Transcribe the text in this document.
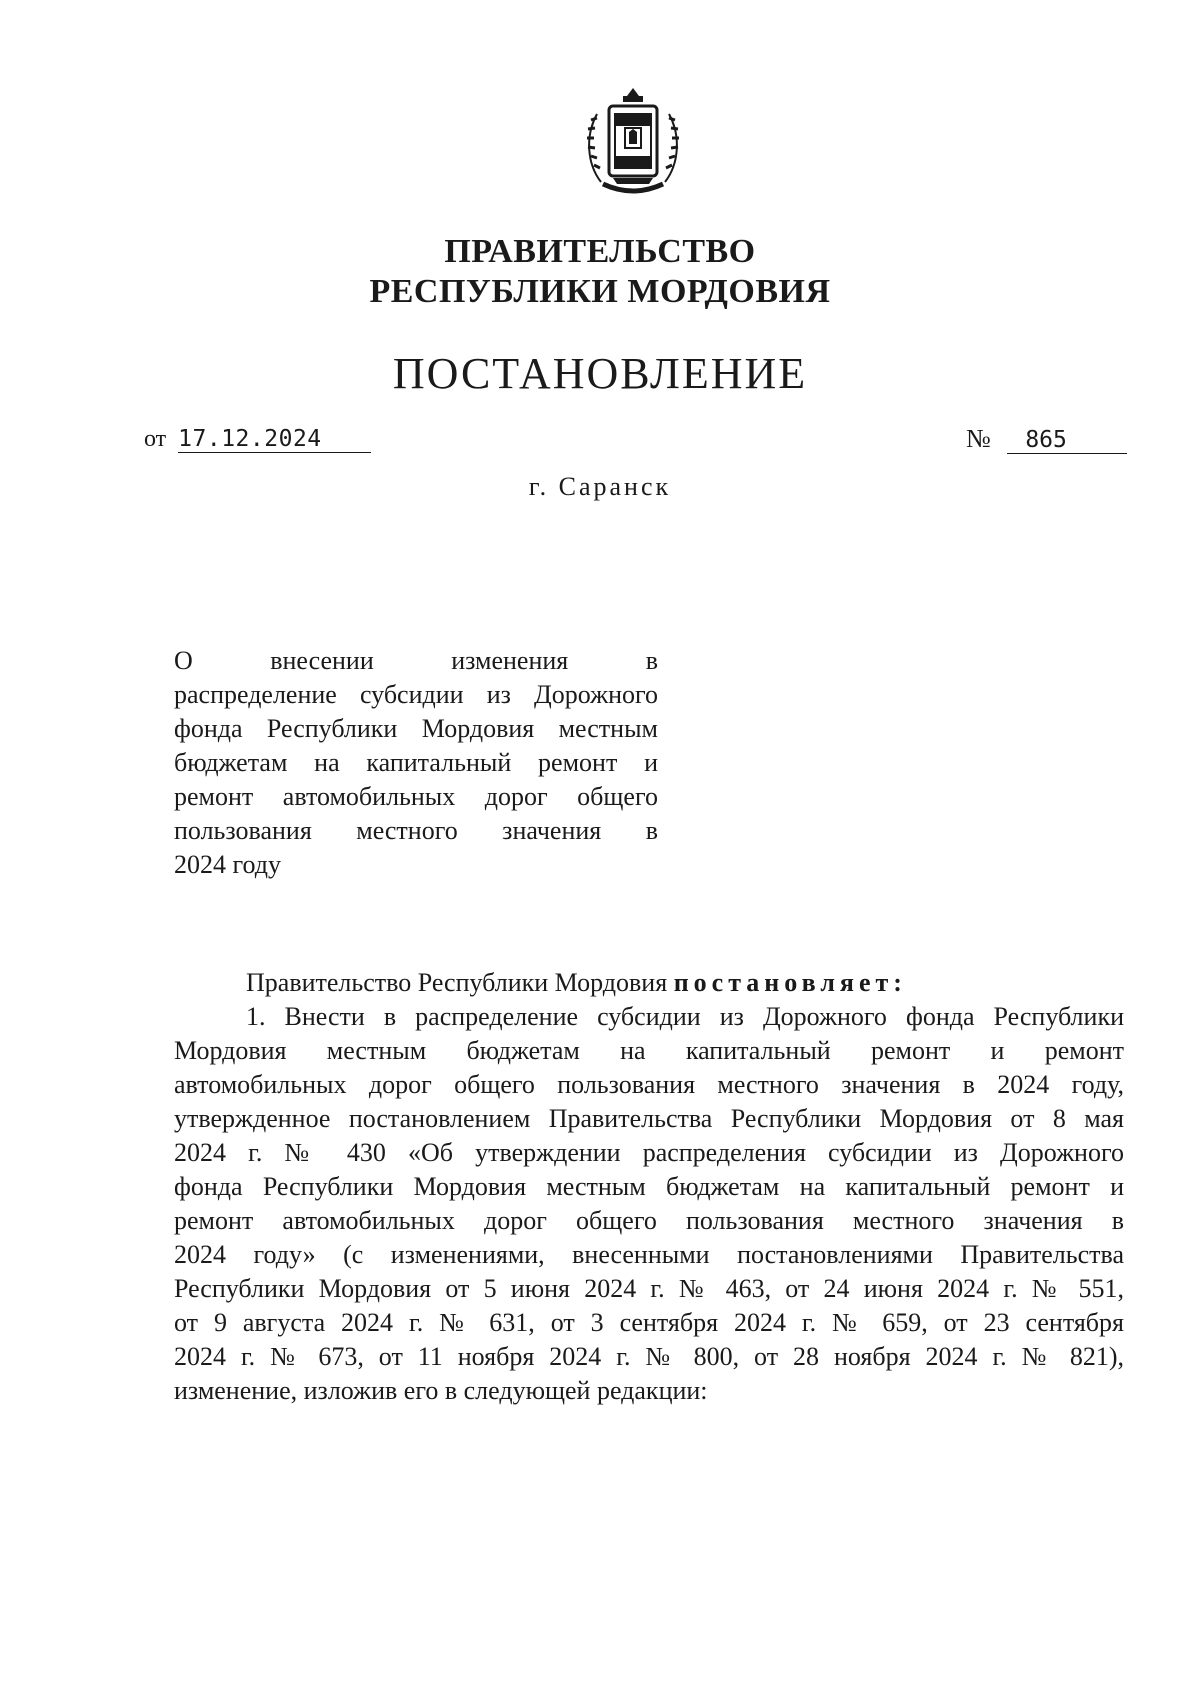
ПРАВИТЕЛЬСТВО
РЕСПУБЛИКИ МОРДОВИЯ
ПОСТАНОВЛЕНИЕ
от 17.12.2024	№ 865
г. Саранск
О внесении изменения в
распределение субсидии из Дорожного
фонда Республики Мордовия местным
бюджетам на капитальный ремонт и
ремонт автомобильных дорог общего
пользования местного значения в
2024 году
Правительство Республики Мордовия постановляет:
1. Внести в распределение субсидии из Дорожного фонда Республики
Мордовия местным бюджетам на капитальный ремонт и ремонт
автомобильных дорог общего пользования местного значения в 2024 году,
утвержденное постановлением Правительства Республики Мордовия от 8 мая
2024 г. № 430 «Об утверждении распределения субсидии из Дорожного
фонда Республики Мордовия местным бюджетам на капитальный ремонт и
ремонт автомобильных дорог общего пользования местного значения в
2024 году» (с изменениями, внесенными постановлениями Правительства
Республики Мордовия от 5 июня 2024 г. № 463, от 24 июня 2024 г. № 551,
от 9 августа 2024 г. № 631, от 3 сентября 2024 г. № 659, от 23 сентября
2024 г. № 673, от 11 ноября 2024 г. № 800, от 28 ноября 2024 г. № 821),
изменение, изложив его в следующей редакции:
